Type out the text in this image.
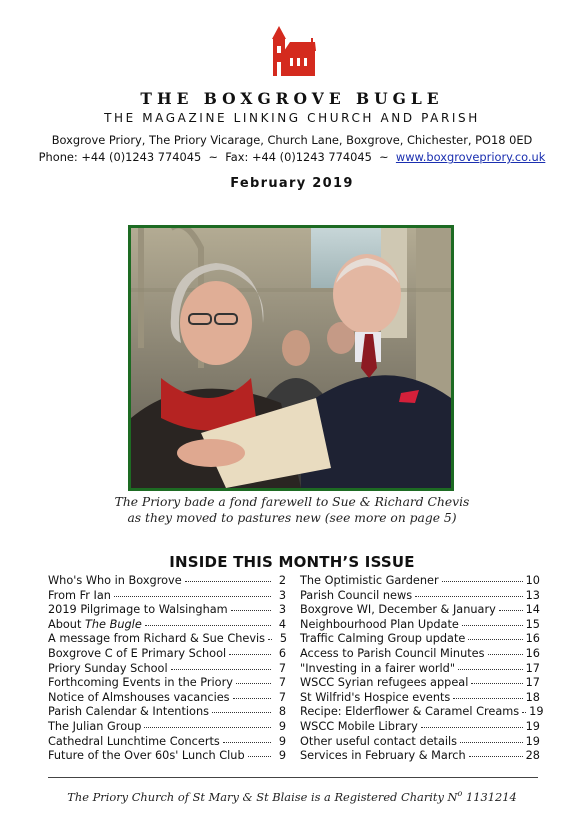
THE BOXGROVE BUGLE
THE MAGAZINE LINKING CHURCH AND PARISH
Boxgrove Priory, The Priory Vicarage, Church Lane, Boxgrove, Chichester, PO18 0ED
Phone: +44 (0)1243 774045  ~  Fax: +44 (0)1243 774045  ~  www.boxgrovepriory.co.uk
February 2019
The Priory bade a fond farewell to Sue & Richard Chevis
as they moved to pastures new (see more on page 5)
INSIDE THIS MONTH’S ISSUE
Who's Who in Boxgrove	2
From Fr Ian	3
2019 Pilgrimage to Walsingham	3
About The Bugle	4
A message from Richard & Sue Chevis	5
Boxgrove C of E Primary School	6
Priory Sunday School	7
Forthcoming Events in the Priory	7
Notice of Almshouses vacancies	7
Parish Calendar & Intentions	8
The Julian Group	9
Cathedral Lunchtime Concerts	9
Future of the Over 60s' Lunch Club	9
The Optimistic Gardener	10
Parish Council news	13
Boxgrove WI, December & January	14
Neighbourhood Plan Update	15
Traffic Calming Group update	16
Access to Parish Council Minutes	16
"Investing in a fairer world"	17
WSCC Syrian refugees appeal	17
St Wilfrid's Hospice events	18
Recipe: Elderflower & Caramel Creams 19
WSCC Mobile Library	19
Other useful contact details	19
Services in February & March	28
The Priory Church of St Mary & St Blaise is a Registered Charity $N^o$ 1131214
